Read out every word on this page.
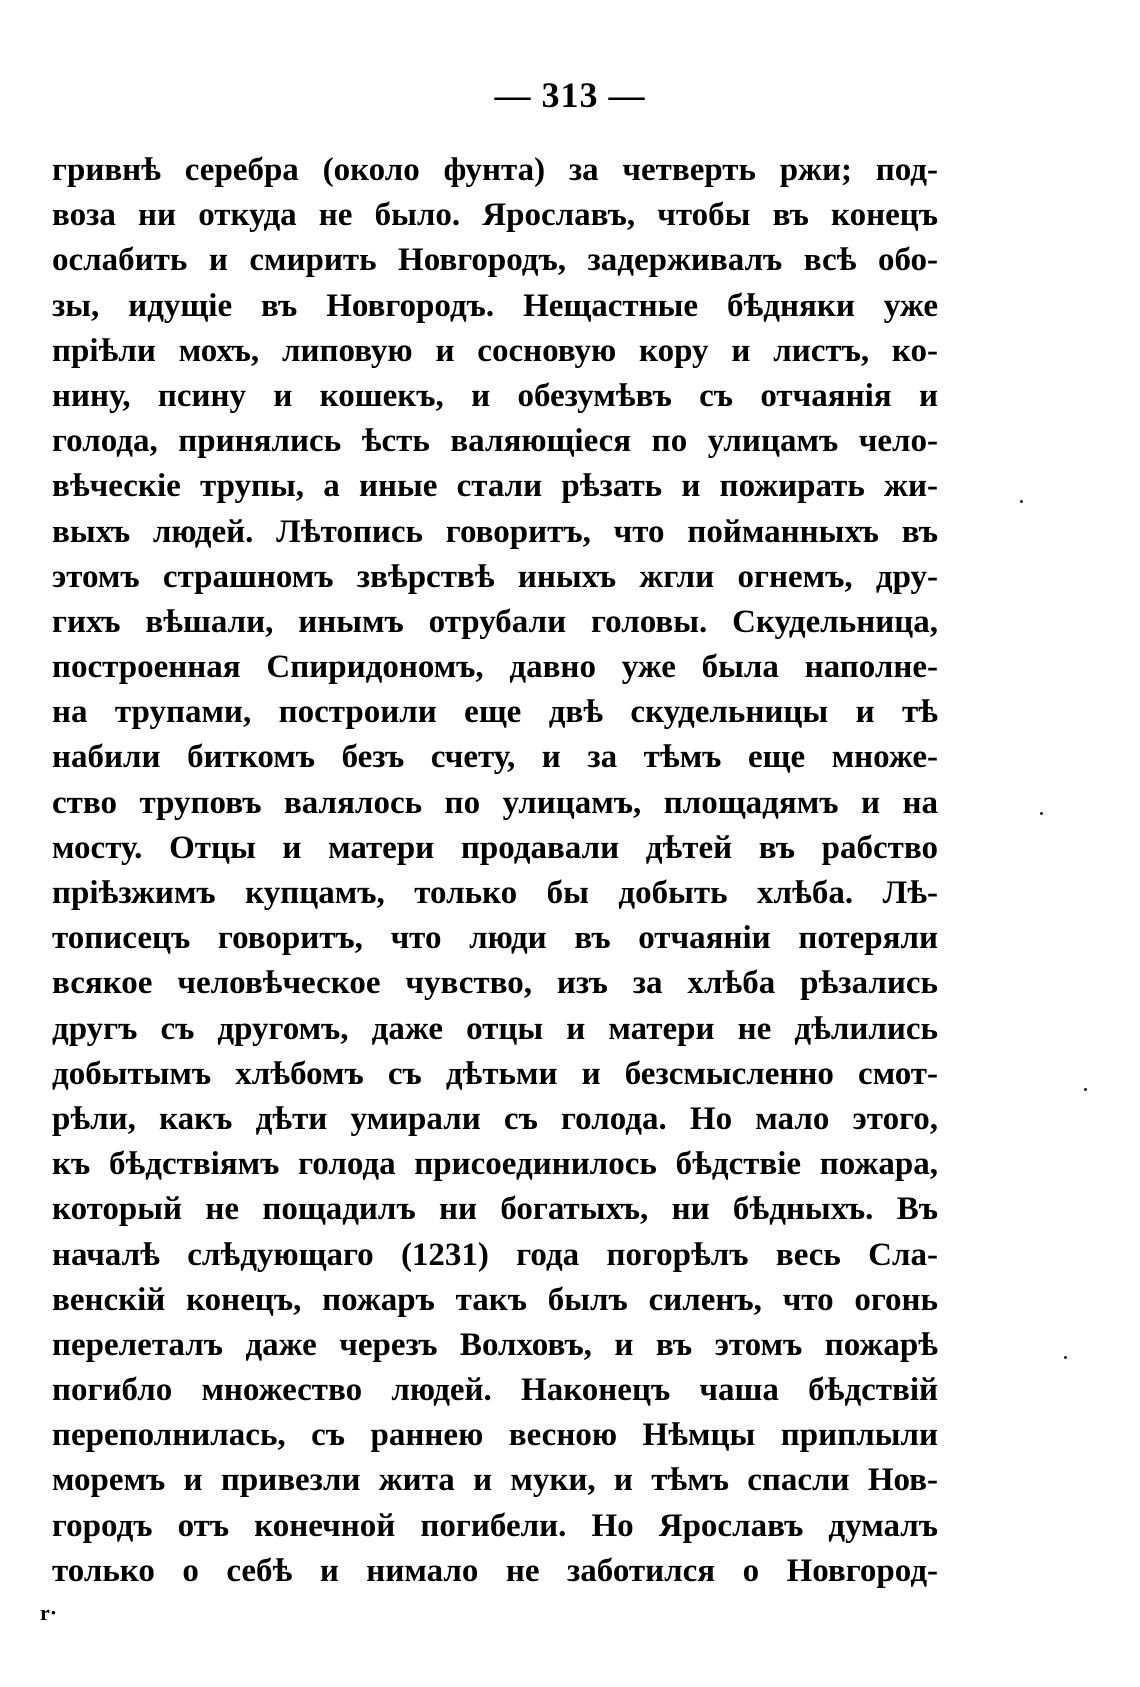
— 313 —
гривнѣ серебра (около фунта) за четверть ржи; под-
воза ни откуда не было. Ярославъ, чтобы въ конецъ
ослабить и смирить Новгородъ, задерживалъ всѣ обо-
зы, идущіе въ Новгородъ. Нещастные бѣдняки уже
пріѣли мохъ, липовую и сосновую кору и листъ, ко-
нину, псину и кошекъ, и обезумѣвъ съ отчаянія и
голода, принялись ѣсть валяющіеся по улицамъ чело-
вѣческіе трупы, а иные стали рѣзать и пожирать жи-
выхъ людей. Лѣтопись говоритъ, что пойманныхъ въ
этомъ страшномъ звѣрствѣ иныхъ жгли огнемъ, дру-
гихъ вѣшали, инымъ отрубали головы. Скудельница,
построенная Спиридономъ, давно уже была наполне-
на трупами, построили еще двѣ скудельницы и тѣ
набили биткомъ безъ счету, и за тѣмъ еще множе-
ство труповъ валялось по улицамъ, площадямъ и на
мосту. Отцы и матери продавали дѣтей въ рабство
пріѣзжимъ купцамъ, только бы добыть хлѣба. Лѣ-
тописецъ говоритъ, что люди въ отчаяніи потеряли
всякое человѣческое чувство, изъ за хлѣба рѣзались
другъ съ другомъ, даже отцы и матери не дѣлились
добытымъ хлѣбомъ съ дѣтьми и безсмысленно смот-
рѣли, какъ дѣти умирали съ голода. Но мало этого,
къ бѣдствіямъ голода присоединилось бѣдствіе пожара,
который не пощадилъ ни богатыхъ, ни бѣдныхъ. Въ
началѣ слѣдующаго (1231) года погорѣлъ весь Сла-
венскій конецъ, пожаръ такъ былъ силенъ, что огонь
перелеталъ даже черезъ Волховъ, и въ этомъ пожарѣ
погибло множество людей. Наконецъ чаша бѣдствій
переполнилась, съ раннею весною Нѣмцы приплыли
моремъ и привезли жита и муки, и тѣмъ спасли Нов-
городъ отъ конечной погибели. Но Ярославъ думалъ
только о себѣ и нимало не заботился о Новгород-
r·
